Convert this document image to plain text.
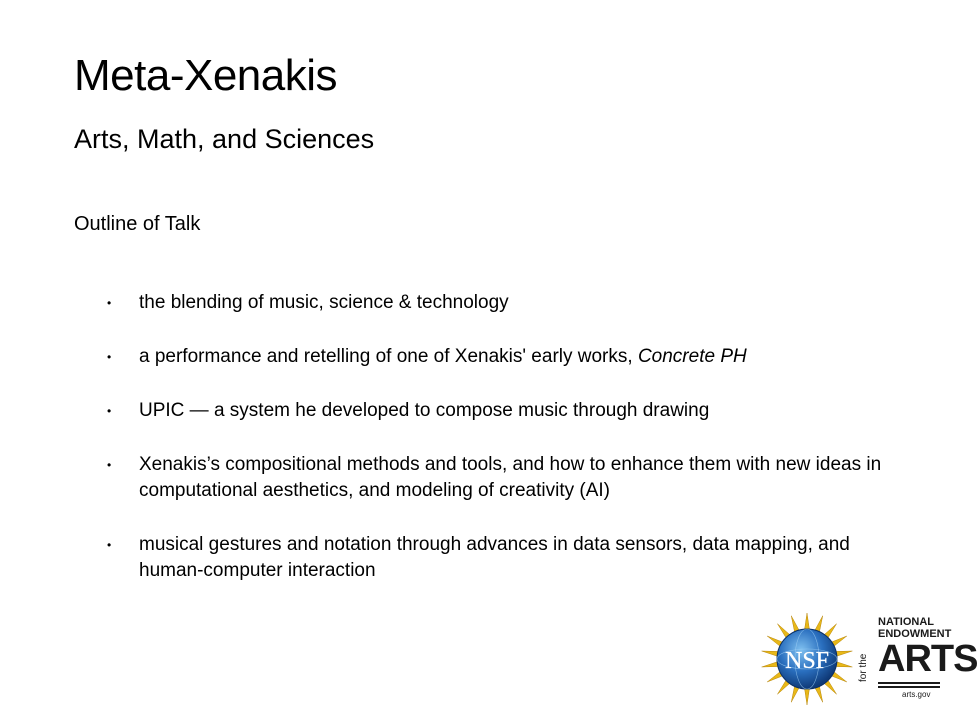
Meta-Xenakis
Arts, Math, and Sciences

Outline of Talk

• the blending of music, science & technology
• a performance and retelling of one of Xenakis' early works, Concrete PH
• UPIC — a system he developed to compose music through drawing
• Xenakis’s compositional methods and tools, and how to enhance them with new ideas in computational aesthetics, and modeling of creativity (AI)
• musical gestures and notation through advances in data sensors, data mapping, and human-computer interaction
NSF	for the
NATIONAL
ENDOWMENT
ARTS
arts.gov
